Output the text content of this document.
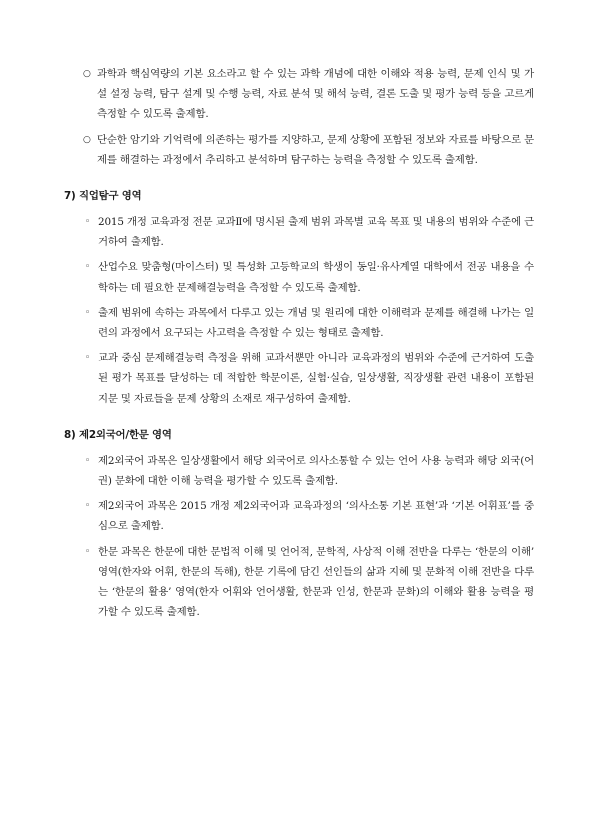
○ 과학과 핵심역량의 기본 요소라고 할 수 있는 과학 개념에 대한 이해와 적용 능력, 문제 인식 및 가설 설정 능력, 탐구 설계 및 수행 능력, 자료 분석 및 해석 능력, 결론 도출 및 평가 능력 등을 고르게 측정할 수 있도록 출제함.
○ 단순한 암기와 기억력에 의존하는 평가를 지양하고, 문제 상황에 포함된 정보와 자료를 바탕으로 문제를 해결하는 과정에서 추리하고 분석하며 탐구하는 능력을 측정할 수 있도록 출제함.
7) 직업탐구 영역
◦ 2015 개정 교육과정 전문 교과Ⅱ에 명시된 출제 범위 과목별 교육 목표 및 내용의 범위와 수준에 근거하여 출제함.
◦ 산업수요 맞춤형(마이스터) 및 특성화 고등학교의 학생이 동일·유사계열 대학에서 전공 내용을 수학하는 데 필요한 문제해결능력을 측정할 수 있도록 출제함.
◦ 출제 범위에 속하는 과목에서 다루고 있는 개념 및 원리에 대한 이해력과 문제를 해결해 나가는 일련의 과정에서 요구되는 사고력을 측정할 수 있는 형태로 출제함.
◦ 교과 중심 문제해결능력 측정을 위해 교과서뿐만 아니라 교육과정의 범위와 수준에 근거하여 도출된 평가 목표를 달성하는 데 적합한 학문이론, 실험·실습, 일상생활, 직장생활 관련 내용이 포함된 지문 및 자료들을 문제 상황의 소재로 재구성하여 출제함.
8) 제2외국어/한문 영역
◦ 제2외국어 과목은 일상생활에서 해당 외국어로 의사소통할 수 있는 언어 사용 능력과 해당 외국(어권) 문화에 대한 이해 능력을 평가할 수 있도록 출제함.
◦ 제2외국어 과목은 2015 개정 제2외국어과 교육과정의 ‘의사소통 기본 표현’과 ‘기본 어휘표’를 중심으로 출제함.
◦ 한문 과목은 한문에 대한 문법적 이해 및 언어적, 문학적, 사상적 이해 전반을 다루는 ‘한문의 이해’ 영역(한자와 어휘, 한문의 독해), 한문 기록에 담긴 선인들의 삶과 지혜 및 문화적 이해 전반을 다루는 ‘한문의 활용’ 영역(한자 어휘와 언어생활, 한문과 인성, 한문과 문화)의 이해와 활용 능력을 평가할 수 있도록 출제함.
